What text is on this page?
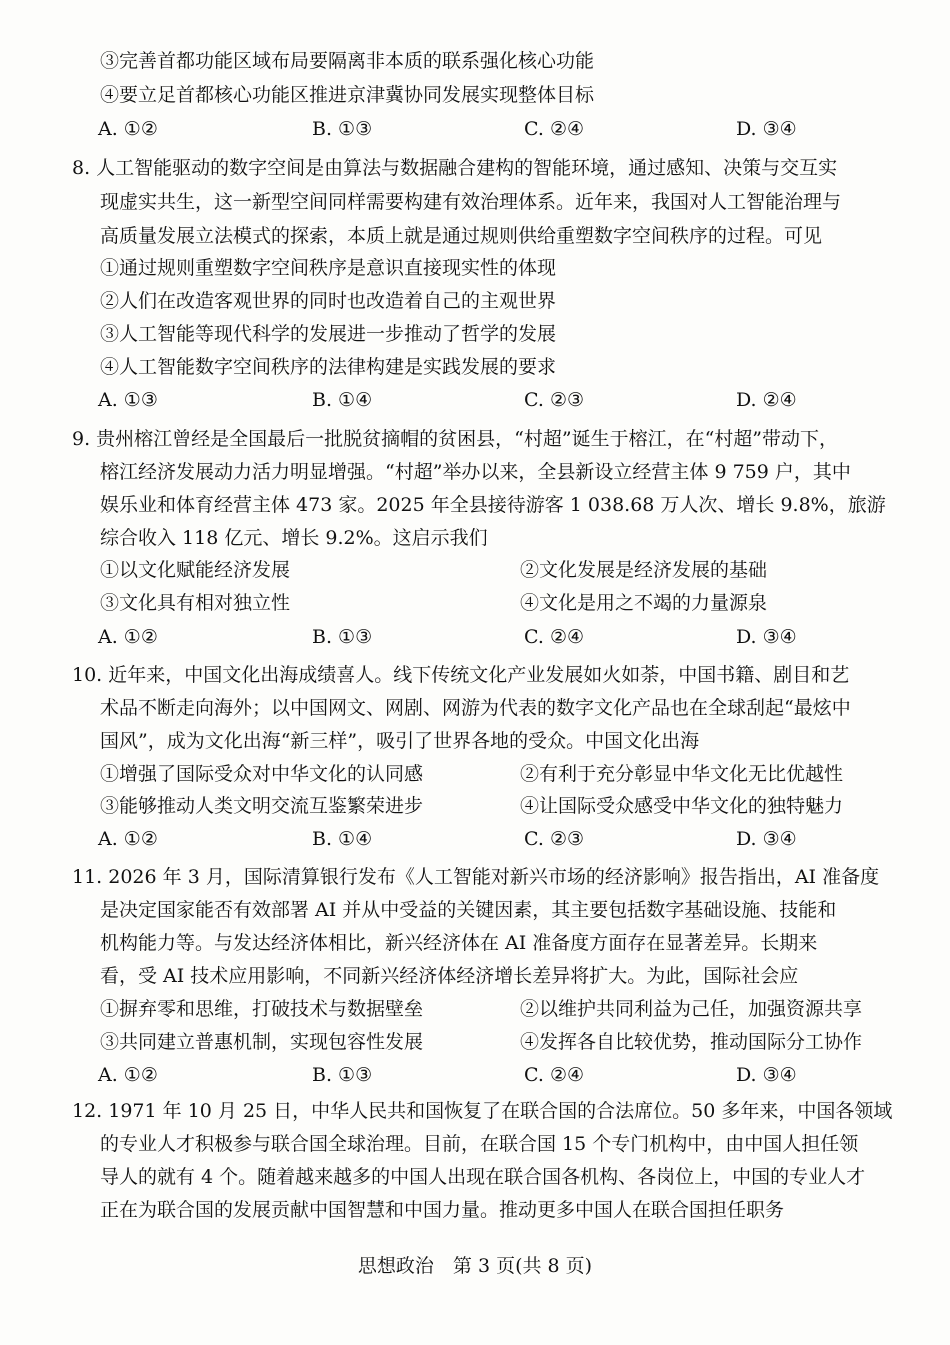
③完善首都功能区域布局要隔离非本质的联系强化核心功能
④要立足首都核心功能区推进京津冀协同发展实现整体目标
A. ①②	B. ①③	C. ②④	D. ③④
8. 人工智能驱动的数字空间是由算法与数据融合建构的智能环境，通过感知、决策与交互实
现虚实共生，这一新型空间同样需要构建有效治理体系。近年来，我国对人工智能治理与
高质量发展立法模式的探索，本质上就是通过规则供给重塑数字空间秩序的过程。可见
①通过规则重塑数字空间秩序是意识直接现实性的体现
②人们在改造客观世界的同时也改造着自己的主观世界
③人工智能等现代科学的发展进一步推动了哲学的发展
④人工智能数字空间秩序的法律构建是实践发展的要求
A. ①③	B. ①④	C. ②③	D. ②④
9. 贵州榕江曾经是全国最后一批脱贫摘帽的贫困县，“村超”诞生于榕江，在“村超”带动下，
榕江经济发展动力活力明显增强。“村超”举办以来，全县新设立经营主体 9 759 户，其中
娱乐业和体育经营主体 473 家。2025 年全县接待游客 1 038.68 万人次、增长 9.8%，旅游
综合收入 118 亿元、增长 9.2%。这启示我们
①以文化赋能经济发展	②文化发展是经济发展的基础
③文化具有相对独立性	④文化是用之不竭的力量源泉
A. ①②	B. ①③	C. ②④	D. ③④
10. 近年来，中国文化出海成绩喜人。线下传统文化产业发展如火如荼，中国书籍、剧目和艺
术品不断走向海外；以中国网文、网剧、网游为代表的数字文化产品也在全球刮起“最炫中
国风”，成为文化出海“新三样”，吸引了世界各地的受众。中国文化出海
①增强了国际受众对中华文化的认同感	②有利于充分彰显中华文化无比优越性
③能够推动人类文明交流互鉴繁荣进步	④让国际受众感受中华文化的独特魅力
A. ①②	B. ①④	C. ②③	D. ③④
11. 2026 年 3 月，国际清算银行发布《人工智能对新兴市场的经济影响》报告指出，AI 准备度
是决定国家能否有效部署 AI 并从中受益的关键因素，其主要包括数字基础设施、技能和
机构能力等。与发达经济体相比，新兴经济体在 AI 准备度方面存在显著差异。长期来
看，受 AI 技术应用影响，不同新兴经济体经济增长差异将扩大。为此，国际社会应
①摒弃零和思维，打破技术与数据壁垒	②以维护共同利益为己任，加强资源共享
③共同建立普惠机制，实现包容性发展	④发挥各自比较优势，推动国际分工协作
A. ①②	B. ①③	C. ②④	D. ③④
12. 1971 年 10 月 25 日，中华人民共和国恢复了在联合国的合法席位。50 多年来，中国各领域
的专业人才积极参与联合国全球治理。目前，在联合国 15 个专门机构中，由中国人担任领
导人的就有 4 个。随着越来越多的中国人出现在联合国各机构、各岗位上，中国的专业人才
正在为联合国的发展贡献中国智慧和中国力量。推动更多中国人在联合国担任职务
思想政治　第 3 页(共 8 页)
